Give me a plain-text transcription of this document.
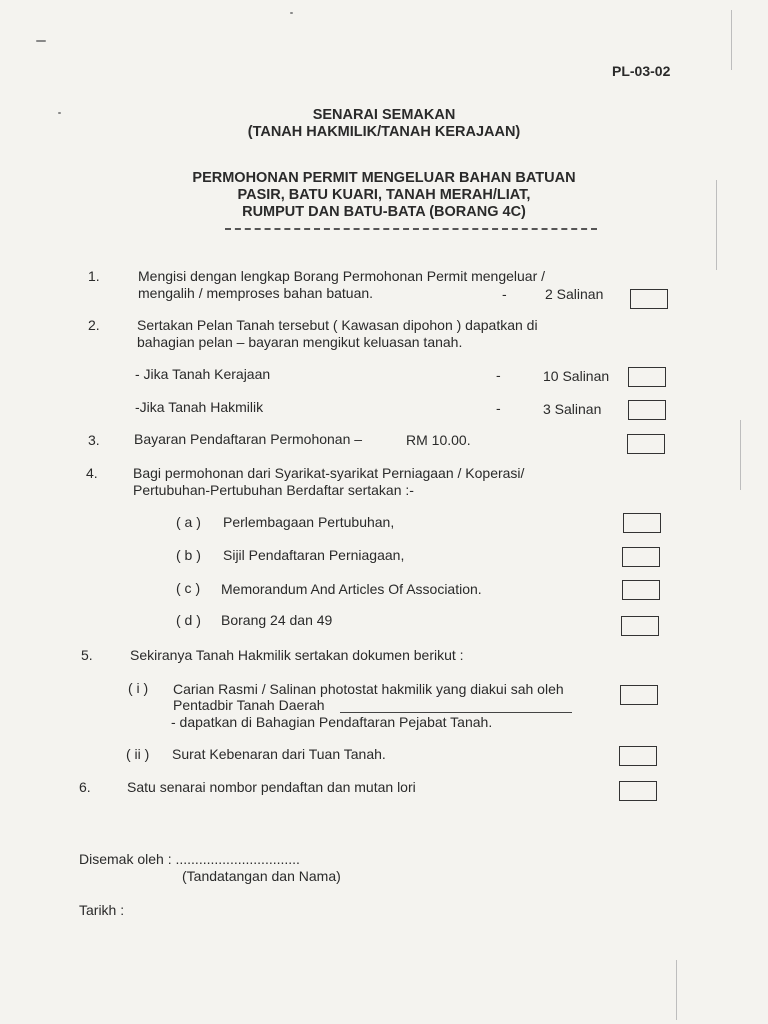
PL-03-02
SENARAI SEMAKAN
(TANAH HAKMILIK/TANAH KERAJAAN)
PERMOHONAN PERMIT MENGELUAR BAHAN BATUAN
PASIR, BATU KUARI, TANAH MERAH/LIAT,
RUMPUT DAN BATU-BATA (BORANG 4C)
1.	Mengisi dengan lengkap Borang Permohonan Permit mengeluar /
mengalih / memproses bahan batuan.	-	2 Salinan
2.	Sertakan Pelan Tanah tersebut ( Kawasan dipohon ) dapatkan di
bahagian pelan – bayaran mengikut keluasan tanah.
- Jika Tanah Kerajaan	-	10 Salinan
-Jika Tanah Hakmilik	-	3 Salinan
3. Bayaran Pendaftaran Permohonan –	RM 10.00.
4.	Bagi permohonan dari Syarikat-syarikat Perniagaan / Koperasi/
Pertubuhan-Pertubuhan Berdaftar sertakan :-
( a ) Perlembagaan Pertubuhan,
( b ) Sijil Pendaftaran Perniagaan,
( c ) Memorandum And Articles Of Association.
( d ) Borang 24 dan 49
5.	Sekiranya Tanah Hakmilik sertakan dokumen berikut :
( i ) Carian Rasmi / Salinan photostat hakmilik yang diakui sah oleh
Pentadbir Tanah Daerah
- dapatkan di Bahagian Pendaftaran Pejabat Tanah.
( ii ) Surat Kebenaran dari Tuan Tanah.
6.	Satu senarai nombor pendaftan dan mutan lori
Disemak oleh : ................................
(Tandatangan dan Nama)
Tarikh :
